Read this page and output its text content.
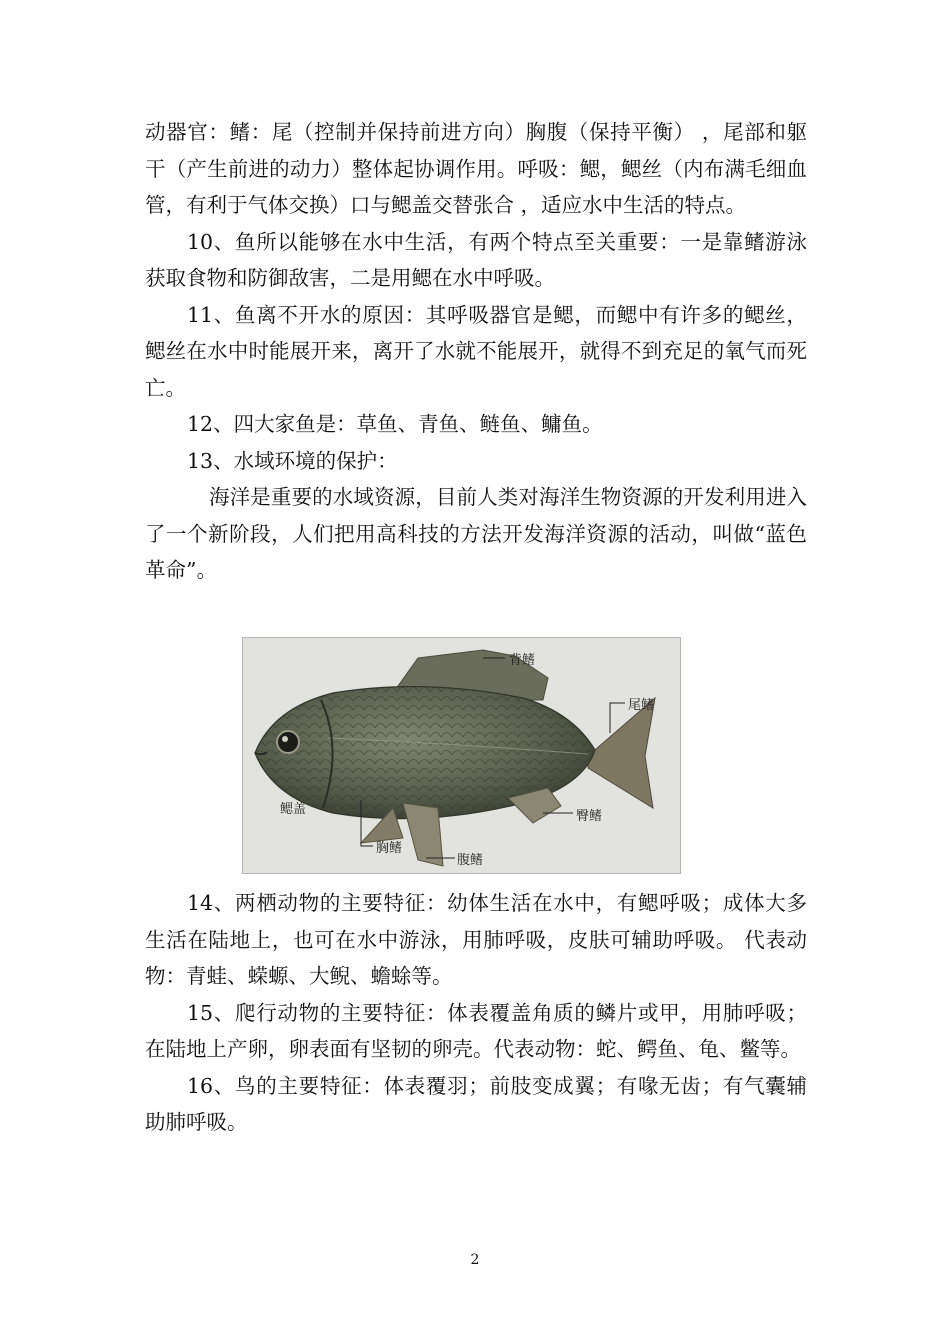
动器官：鳍：尾（控制并保持前进方向）胸腹（保持平衡） ，尾部和躯干（产生前进的动力）整体起协调作用。呼吸：鳃，鳃丝（内布满毛细血管，有利于气体交换）口与鳃盖交替张合 ，适应水中生活的特点。

10、鱼所以能够在水中生活，有两个特点至关重要：一是靠鳍游泳获取食物和防御敌害，二是用鳃在水中呼吸。

11、鱼离不开水的原因：其呼吸器官是鳃，而鳃中有许多的鳃丝，鳃丝在水中时能展开来，离开了水就不能展开，就得不到充足的氧气而死亡。

12、四大家鱼是：草鱼、青鱼、鲢鱼、鳙鱼。

13、水域环境的保护：

海洋是重要的水域资源，目前人类对海洋生物资源的开发利用进入了一个新阶段，人们把用高科技的方法开发海洋资源的活动，叫做“蓝色革命”。

背鳍
尾鳍
鳃盖	臀鳍
胸鳍
腹鳍

14、两栖动物的主要特征：幼体生活在水中，有鳃呼吸；成体大多生活在陆地上，也可在水中游泳，用肺呼吸，皮肤可辅助呼吸。 代表动物：青蛙、蝾螈、大鲵、蟾蜍等。

15、爬行动物的主要特征：体表覆盖角质的鳞片或甲，用肺呼吸；在陆地上产卵，卵表面有坚韧的卵壳。代表动物：蛇、鳄鱼、龟、鳖等。

16、鸟的主要特征：体表覆羽；前肢变成翼；有喙无齿；有气囊辅助肺呼吸。

2
